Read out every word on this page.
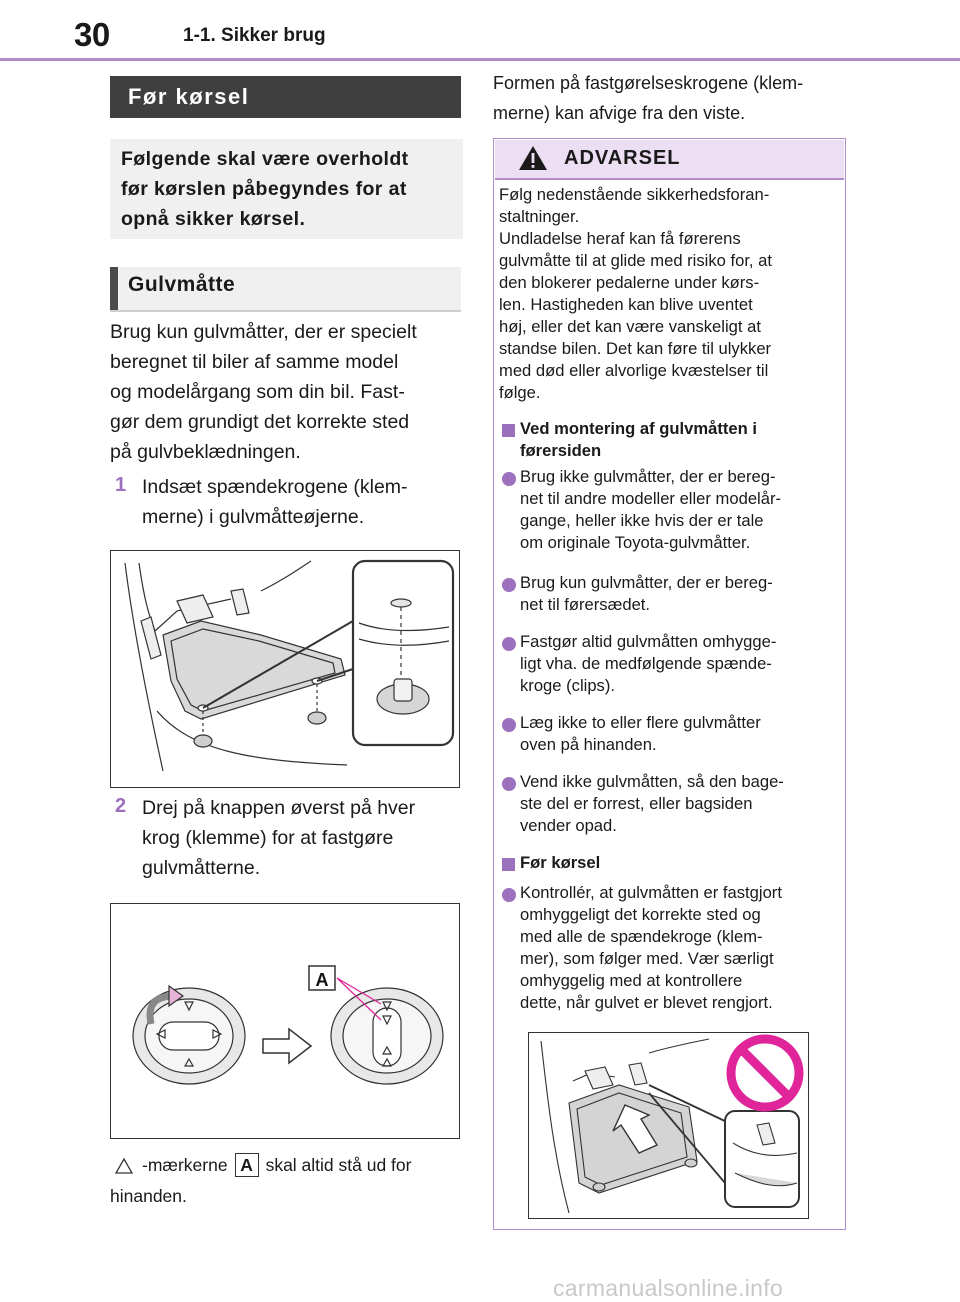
30	1-1. Sikker brug
Før kørsel
Følgende skal være overholdt
før kørslen påbegyndes for at
opnå sikker kørsel.
Gulvmåtte
Brug kun gulvmåtter, der er specielt
beregnet til biler af samme model
og modelårgang som din bil. Fast-
gør dem grundigt det korrekte sted
på gulvbeklædningen.
1 Indsæt spændekrogene (klem-
merne) i gulvmåtteøjerne.
2 Drej på knappen øverst på hver
krog (klemme) for at fastgøre
gulvmåtterne.
A
-mærkerne A skal altid stå ud for
hinanden.
Formen på fastgørelseskrogene (klem-
merne) kan afvige fra den viste.
ADVARSEL
Følg nedenstående sikkerhedsforan-
staltninger.
Undladelse heraf kan få førerens
gulvmåtte til at glide med risiko for, at
den blokerer pedalerne under kørs-
len. Hastigheden kan blive uventet
høj, eller det kan være vanskeligt at
standse bilen. Det kan føre til ulykker
med død eller alvorlige kvæstelser til
følge.
Ved montering af gulvmåtten i
førersiden
Brug ikke gulvmåtter, der er bereg-
net til andre modeller eller modelår-
gange, heller ikke hvis der er tale
om originale Toyota-gulvmåtter.
Brug kun gulvmåtter, der er bereg-
net til førersædet.
Fastgør altid gulvmåtten omhygge-
ligt vha. de medfølgende spænde-
kroge (clips).
Læg ikke to eller flere gulvmåtter
oven på hinanden.
Vend ikke gulvmåtten, så den bage-
ste del er forrest, eller bagsiden
vender opad.
Før kørsel
Kontrollér, at gulvmåtten er fastgjort
omhyggeligt det korrekte sted og
med alle de spændekroge (klem-
mer), som følger med. Vær særligt
omhyggelig med at kontrollere
dette, når gulvet er blevet rengjort.
carmanualsonline.info
